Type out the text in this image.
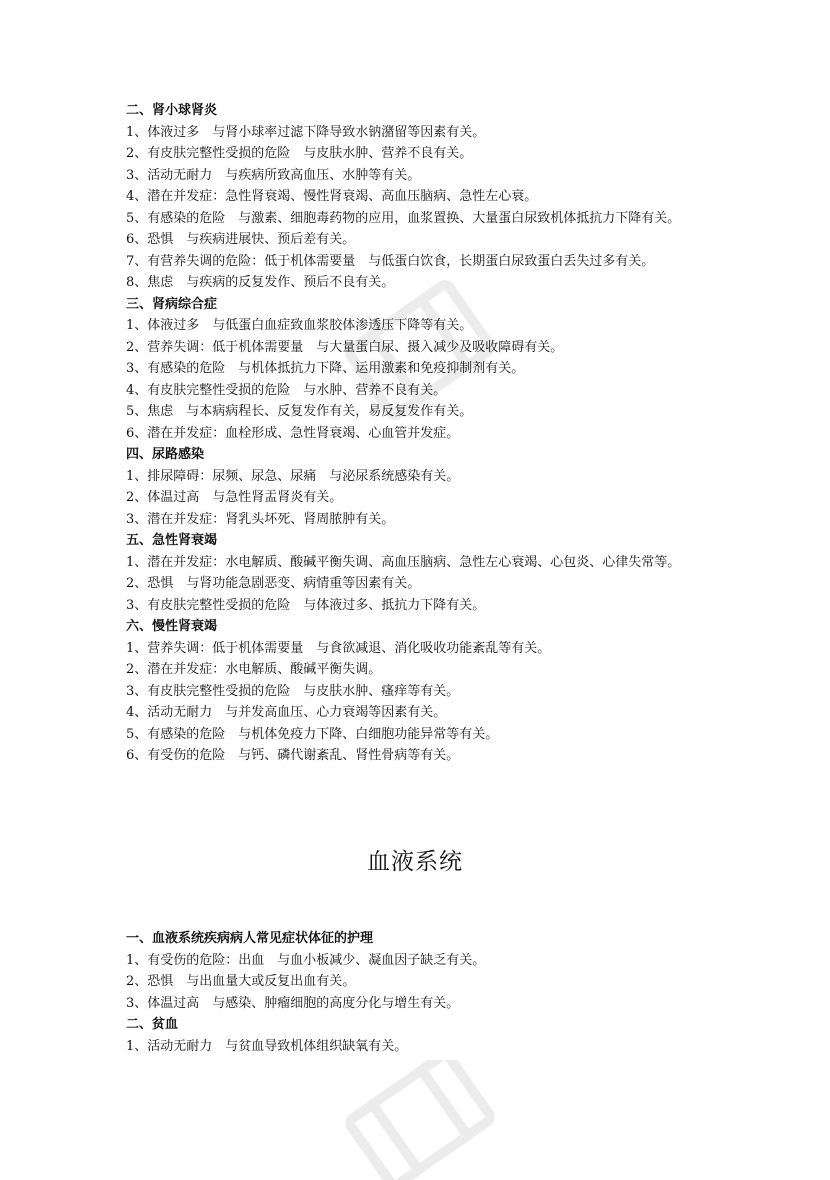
二、肾小球肾炎
1、体液过多　与肾小球率过滤下降导致水钠潴留等因素有关。
2、有皮肤完整性受损的危险　与皮肤水肿、营养不良有关。
3、活动无耐力　与疾病所致高血压、水肿等有关。
4、潜在并发症：急性肾衰竭、慢性肾衰竭、高血压脑病、急性左心衰。
5、有感染的危险　与激素、细胞毒药物的应用，血浆置换、大量蛋白尿致机体抵抗力下降有关。
6、恐惧　与疾病进展快、预后差有关。
7、有营养失调的危险：低于机体需要量　与低蛋白饮食，长期蛋白尿致蛋白丢失过多有关。
8、焦虑　与疾病的反复发作、预后不良有关。
三、肾病综合症
1、体液过多　与低蛋白血症致血浆胶体渗透压下降等有关。
2、营养失调：低于机体需要量　与大量蛋白尿、摄入减少及吸收障碍有关。
3、有感染的危险　与机体抵抗力下降、运用激素和免疫抑制剂有关。
4、有皮肤完整性受损的危险　与水肿、营养不良有关。
5、焦虑　与本病病程长、反复发作有关，易反复发作有关。
6、潜在并发症：血栓形成、急性肾衰竭、心血管并发症。
四、尿路感染
1、排尿障碍：尿频、尿急、尿痛　与泌尿系统感染有关。
2、体温过高　与急性肾盂肾炎有关。
3、潜在并发症：肾乳头坏死、肾周脓肿有关。
五、急性肾衰竭
1、潜在并发症：水电解质、酸碱平衡失调、高血压脑病、急性左心衰竭、心包炎、心律失常等。
2、恐惧　与肾功能急剧恶变、病情重等因素有关。
3、有皮肤完整性受损的危险　与体液过多、抵抗力下降有关。
六、慢性肾衰竭
1、营养失调：低于机体需要量　与食欲减退、消化吸收功能紊乱等有关。
2、潜在并发症：水电解质、酸碱平衡失调。
3、有皮肤完整性受损的危险　与皮肤水肿、瘙痒等有关。
4、活动无耐力　与并发高血压、心力衰竭等因素有关。
5、有感染的危险　与机体免疫力下降、白细胞功能异常等有关。
6、有受伤的危险　与钙、磷代谢紊乱、肾性骨病等有关。
血液系统
一、血液系统疾病病人常见症状体征的护理
1、有受伤的危险：出血　与血小板减少、凝血因子缺乏有关。
2、恐惧　与出血量大或反复出血有关。
3、体温过高　与感染、肿瘤细胞的高度分化与增生有关。
二、贫血
1、活动无耐力　与贫血导致机体组织缺氧有关。
